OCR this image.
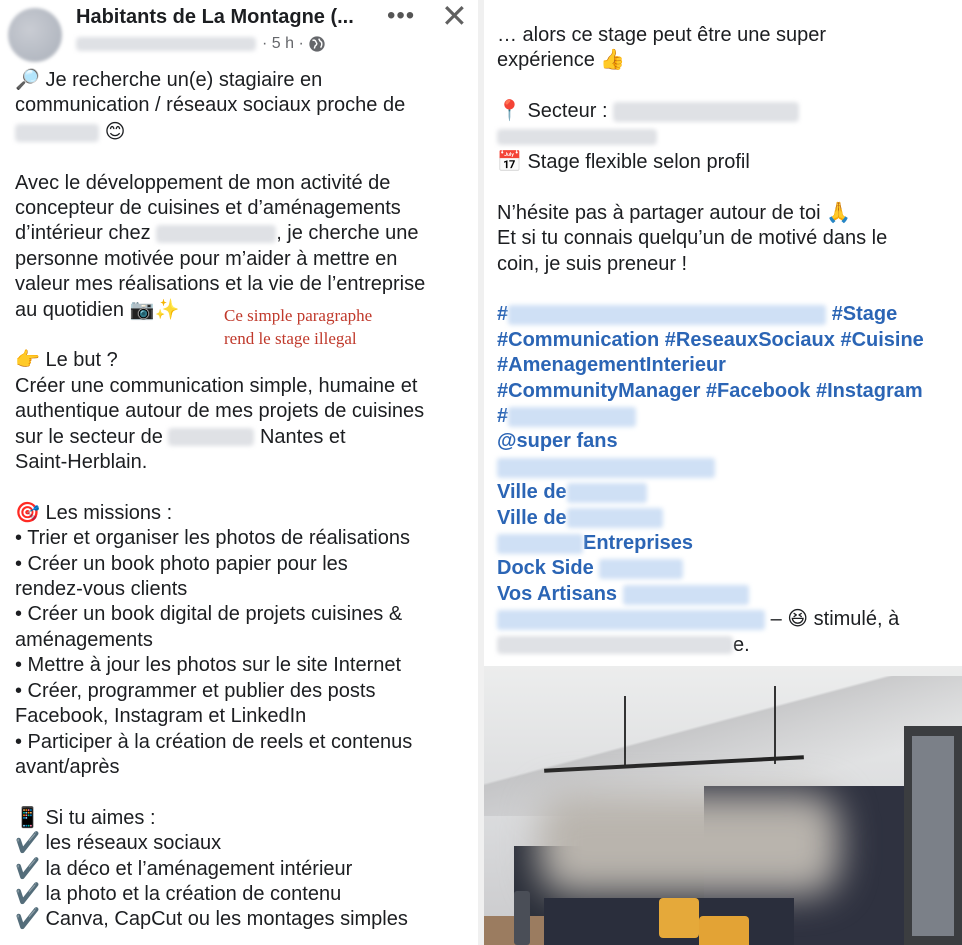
Habitants de La Montagne (... ••• ✕
· 5 h ·

🔎 Je recherche un(e) stagiaire en

communication / réseaux sociaux proche de

😊

Avec le développement de mon activité de

concepteur de cuisines et d’aménagements

d’intérieur chez	, je cherche une

personne motivée pour m’aider à mettre en

valeur mes réalisations et la vie de l’entreprise

au quotidien 📷✨

👉 Le but ?

Créer une communication simple, humaine et

authentique autour de mes projets de cuisines

sur le secteur de	Nantes et

Saint-Herblain.

🎯 Les missions :

• Trier et organiser les photos de réalisations

• Créer un book photo papier pour les

rendez-vous clients

• Créer un book digital de projets cuisines &

aménagements

• Mettre à jour les photos sur le site Internet

• Créer, programmer et publier des posts

Facebook, Instagram et LinkedIn

• Participer à la création de reels et contenus

avant/après

📱 Si tu aimes :

✔️ les réseaux sociaux

✔️ la déco et l’aménagement intérieur

✔️ la photo et la création de contenu

✔️ Canva, CapCut ou les montages simples

Ce simple paragraphe
rend le stage illegal

… alors ce stage peut être une super

expérience 👍

📍 Secteur :

📅 Stage flexible selon profil

N’hésite pas à partager autour de toi 🙏

Et si tu connais quelqu’un de motivé dans le

coin, je suis preneur !

#	#Stage

#Communication #ReseauxSociaux #Cuisine

#AmenagementInterieur

#CommunityManager #Facebook #Instagram

#

@super fans

Ville de

Ville de

Entreprises

Dock Side

Vos Artisans

– 😆 stimulé, à

e.
